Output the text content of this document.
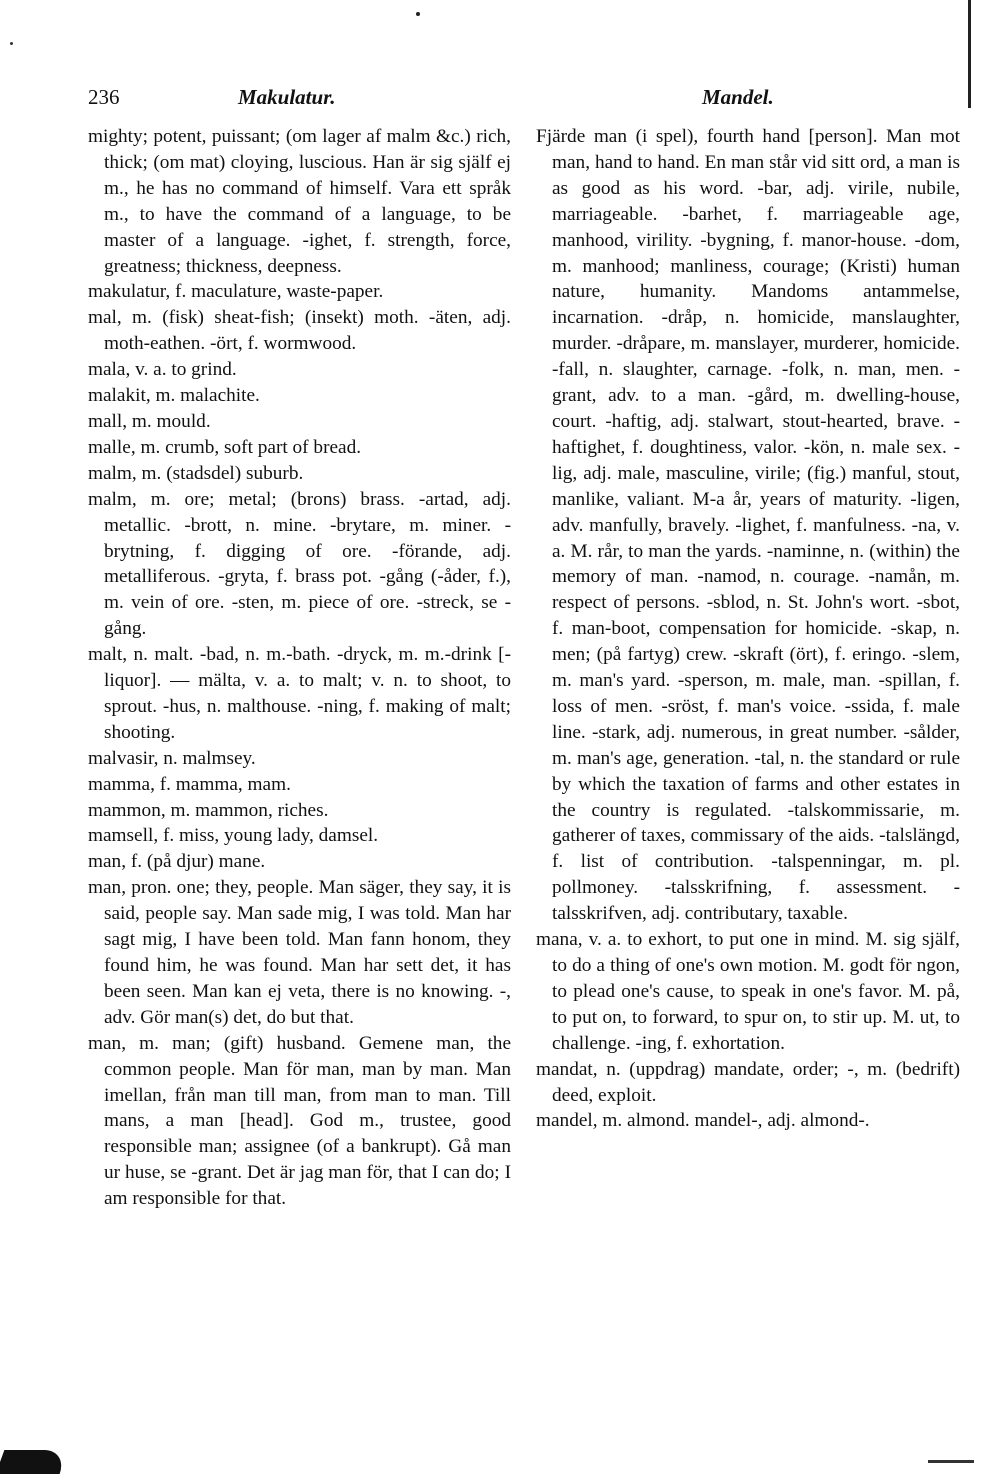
236	Makulatur.	Mandel.

mighty; potent, puissant; (om lager af malm &c.) rich, thick; (om mat) cloying, luscious. Han är sig själf ej m., he has no command of himself. Vara ett språk m., to have the command of a language, to be master of a language. -ighet, f. strength, force, greatness; thickness, deepness.

makulatur, f. maculature, waste-paper.

mal, m. (fisk) sheat-fish; (insekt) moth. -äten, adj. moth-eathen. -ört, f. wormwood.

mala, v. a. to grind.

malakit, m. malachite.

mall, m. mould.

malle, m. crumb, soft part of bread.

malm, m. (stadsdel) suburb.

malm, m. ore; metal; (brons) brass. -artad, adj. metallic. -brott, n. mine. -brytare, m. miner. -brytning, f. digging of ore. -förande, adj. metalliferous. -gryta, f. brass pot. -gång (-åder, f.), m. vein of ore. -sten, m. piece of ore. -streck, se -gång.

malt, n. malt. -bad, n. m.-bath. -dryck, m. m.-drink [-liquor]. — mälta, v. a. to malt; v. n. to shoot, to sprout. -hus, n. malthouse. -ning, f. making of malt; shooting.

malvasir, n. malmsey.

mamma, f. mamma, mam.

mammon, m. mammon, riches.

mamsell, f. miss, young lady, damsel.

man, f. (på djur) mane.

man, pron. one; they, people. Man säger, they say, it is said, people say. Man sade mig, I was told. Man har sagt mig, I have been told. Man fann honom, they found him, he was found. Man har sett det, it has been seen. Man kan ej veta, there is no knowing. -, adv. Gör man(s) det, do but that.

man, m. man; (gift) husband. Gemene man, the common people. Man för man, man by man. Man imellan, från man till man, from man to man. Till mans, a man [head]. God m., trustee, good responsible man; assignee (of a bankrupt). Gå man ur huse, se -grant. Det är jag man för, that I can do; I am responsible for that.

Fjärde man (i spel), fourth hand [person]. Man mot man, hand to hand. En man står vid sitt ord, a man is as good as his word. -bar, adj. virile, nubile, marriageable. -barhet, f. marriageable age, manhood, virility. -bygning, f. manor-house. -dom, m. manhood; manliness, courage; (Kristi) human nature, humanity. Mandoms antammelse, incarnation. -dråp, n. homicide, manslaughter, murder. -dråpare, m. manslayer, murderer, homicide. -fall, n. slaughter, carnage. -folk, n. man, men. -grant, adv. to a man. -gård, m. dwelling-house, court. -haftig, adj. stalwart, stout-hearted, brave. -haftighet, f. doughtiness, valor. -kön, n. male sex. -lig, adj. male, masculine, virile; (fig.) manful, stout, manlike, valiant. M-a år, years of maturity. -ligen, adv. manfully, bravely. -lighet, f. manfulness. -na, v. a. M. rår, to man the yards. -naminne, n. (within) the memory of man. -namod, n. courage. -namån, m. respect of persons. -sblod, n. St. John's wort. -sbot, f. man-boot, compensation for homicide. -skap, n. men; (på fartyg) crew. -skraft (ört), f. eringo. -slem, m. man's yard. -sperson, m. male, man. -spillan, f. loss of men. -sröst, f. man's voice. -ssida, f. male line. -stark, adj. numerous, in great number. -sålder, m. man's age, generation. -tal, n. the standard or rule by which the taxation of farms and other estates in the country is regulated. -talskommissarie, m. gatherer of taxes, commissary of the aids. -talslängd, f. list of contribution. -talspenningar, m. pl. pollmoney. -talsskrifning, f. assessment. -talsskrifven, adj. contributary, taxable.

mana, v. a. to exhort, to put one in mind. M. sig själf, to do a thing of one's own motion. M. godt för ngon, to plead one's cause, to speak in one's favor. M. på, to put on, to forward, to spur on, to stir up. M. ut, to challenge. -ing, f. exhortation.

mandat, n. (uppdrag) mandate, order; -, m. (bedrift) deed, exploit.

mandel, m. almond. mandel-, adj. almond-.
